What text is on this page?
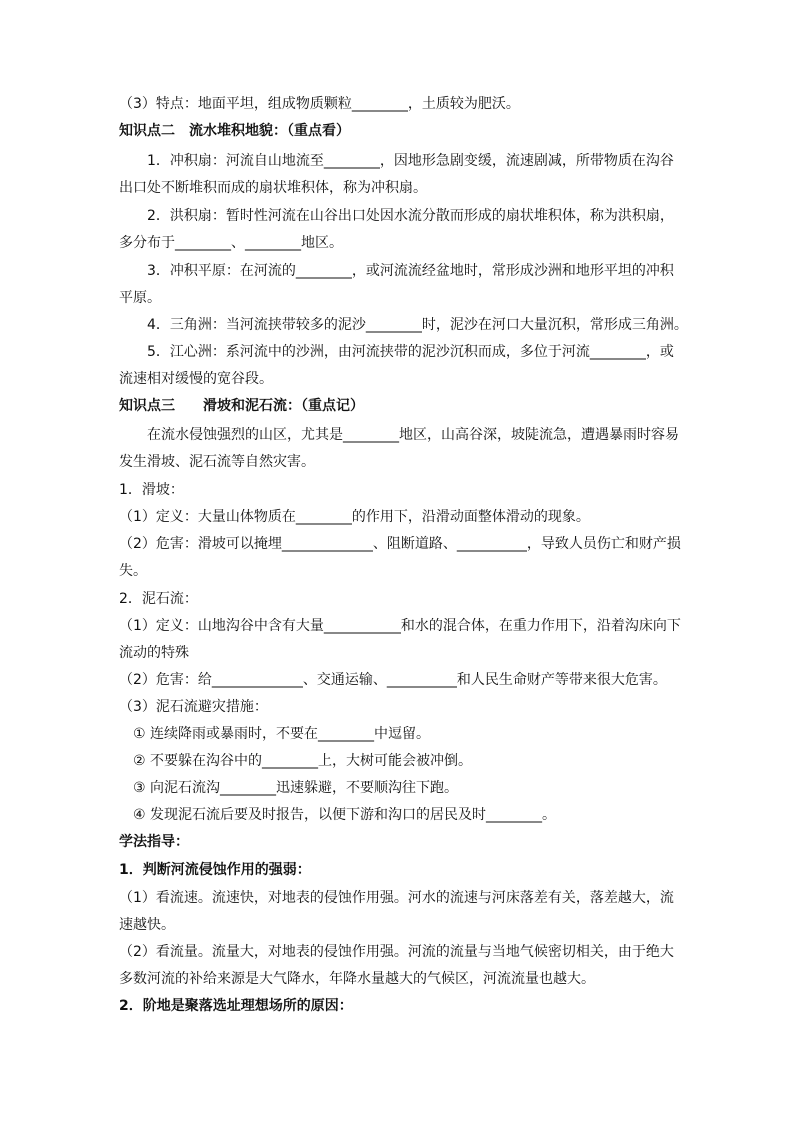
（3）特点：地面平坦，组成物质颗粒________，土质较为肥沃。
知识点二　流水堆积地貌：（重点看）
1．冲积扇：河流自山地流至________，因地形急剧变缓，流速剧减，所带物质在沟谷
出口处不断堆积而成的扇状堆积体，称为冲积扇。
2．洪积扇：暂时性河流在山谷出口处因水流分散而形成的扇状堆积体，称为洪积扇，
多分布于________、________地区。
3．冲积平原：在河流的________，或河流流经盆地时，常形成沙洲和地形平坦的冲积
平原。
4．三角洲：当河流挟带较多的泥沙________时，泥沙在河口大量沉积，常形成三角洲。
5．江心洲：系河流中的沙洲，由河流挟带的泥沙沉积而成，多位于河流________，或
流速相对缓慢的宽谷段。
知识点三　　滑坡和泥石流：（重点记）
在流水侵蚀强烈的山区，尤其是________地区，山高谷深，坡陡流急，遭遇暴雨时容易
发生滑坡、泥石流等自然灾害。
1．滑坡：
（1）定义：大量山体物质在________的作用下，沿滑动面整体滑动的现象。
（2）危害：滑坡可以掩埋_____________、阻断道路、__________，导致人员伤亡和财产损
失。
2．泥石流：
（1）定义：山地沟谷中含有大量___________和水的混合体，在重力作用下，沿着沟床向下
流动的特殊
（2）危害：给_____________、交通运输、__________和人民生命财产等带来很大危害。
（3）泥石流避灾措施：
① 连续降雨或暴雨时，不要在________中逗留。
② 不要躲在沟谷中的________上，大树可能会被冲倒。
③ 向泥石流沟________迅速躲避，不要顺沟往下跑。
④ 发现泥石流后要及时报告，以便下游和沟口的居民及时________。
学法指导：
1．判断河流侵蚀作用的强弱：
（1）看流速。流速快，对地表的侵蚀作用强。河水的流速与河床落差有关，落差越大，流
速越快。
（2）看流量。流量大，对地表的侵蚀作用强。河流的流量与当地气候密切相关，由于绝大
多数河流的补给来源是大气降水，年降水量越大的气候区，河流流量也越大。
2．阶地是聚落选址理想场所的原因：
